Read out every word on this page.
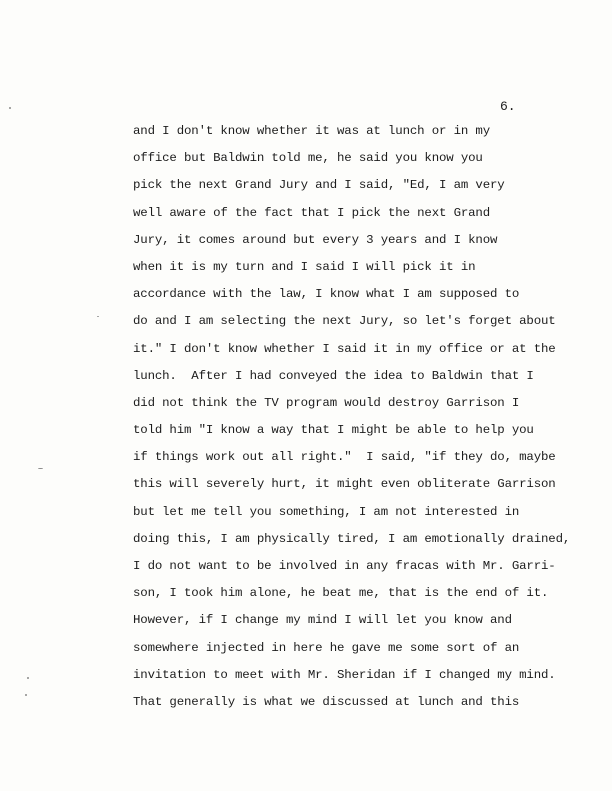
6.
and I don't know whether it was at lunch or in my
office but Baldwin told me, he said you know you
pick the next Grand Jury and I said, "Ed, I am very
well aware of the fact that I pick the next Grand
Jury, it comes around but every 3 years and I know
when it is my turn and I said I will pick it in
accordance with the law, I know what I am supposed to
do and I am selecting the next Jury, so let's forget about
it." I don't know whether I said it in my office or at the
lunch.  After I had conveyed the idea to Baldwin that I
did not think the TV program would destroy Garrison I
told him "I know a way that I might be able to help you
if things work out all right."  I said, "if they do, maybe
this will severely hurt, it might even obliterate Garrison
but let me tell you something, I am not interested in
doing this, I am physically tired, I am emotionally drained,
I do not want to be involved in any fracas with Mr. Garri-
son, I took him alone, he beat me, that is the end of it.
However, if I change my mind I will let you know and
somewhere injected in here he gave me some sort of an
invitation to meet with Mr. Sheridan if I changed my mind.
That generally is what we discussed at lunch and this
